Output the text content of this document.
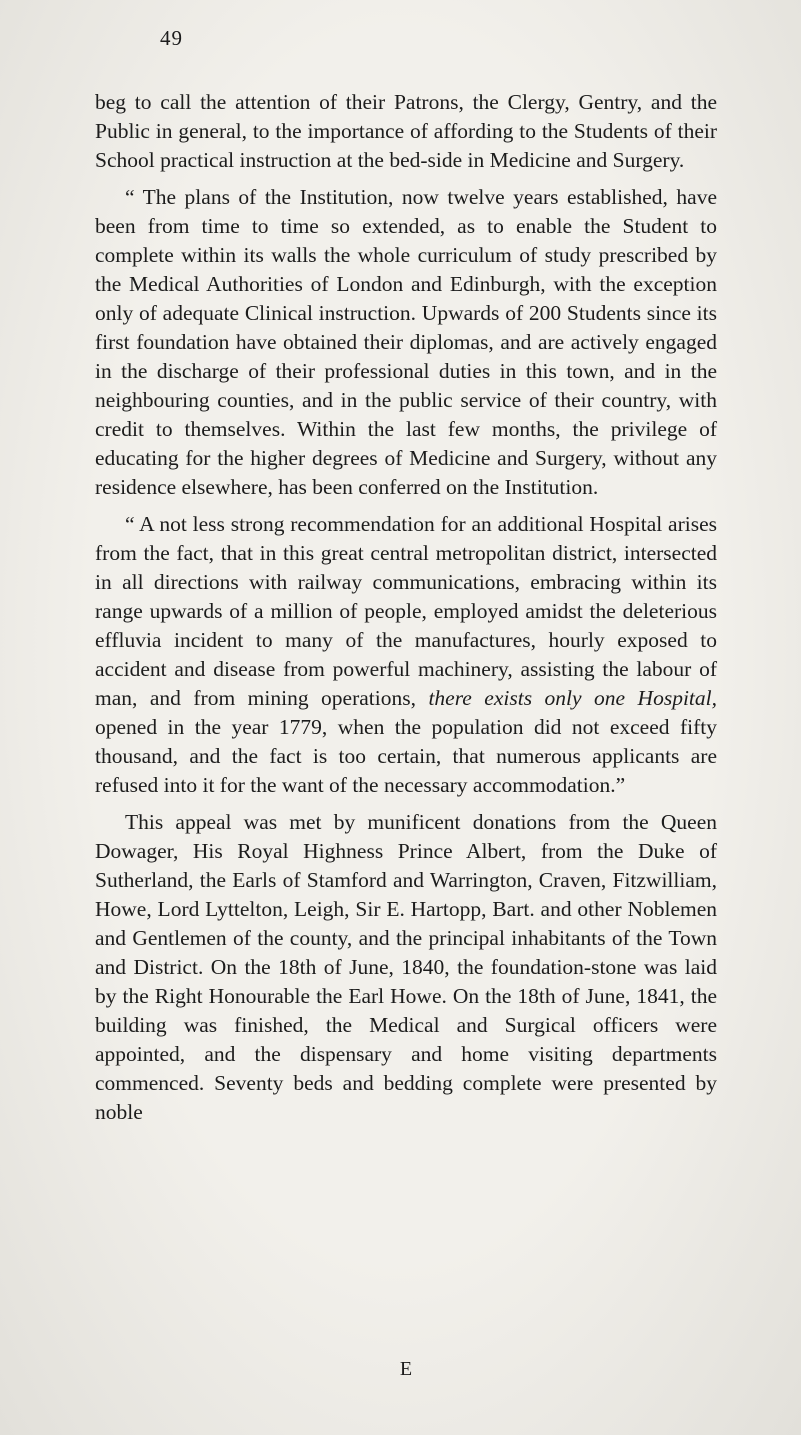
49

beg to call the attention of their Patrons, the Clergy, Gentry, and the Public in general, to the importance of affording to the Students of their School practical instruction at the bed-side in Medicine and Surgery.

“ The plans of the Institution, now twelve years established, have been from time to time so extended, as to enable the Student to complete within its walls the whole curriculum of study prescribed by the Medical Authorities of London and Edinburgh, with the exception only of adequate Clinical instruction. Upwards of 200 Students since its first foundation have obtained their diplomas, and are actively engaged in the discharge of their professional duties in this town, and in the neighbouring counties, and in the public service of their country, with credit to themselves. Within the last few months, the privilege of educating for the higher degrees of Medicine and Surgery, without any residence elsewhere, has been conferred on the Institution.

“ A not less strong recommendation for an additional Hospital arises from the fact, that in this great central metropolitan district, intersected in all directions with railway communications, embracing within its range upwards of a million of people, employed amidst the deleterious effluvia incident to many of the manufactures, hourly exposed to accident and disease from powerful machinery, assisting the labour of man, and from mining operations, there exists only one Hospital, opened in the year 1779, when the population did not exceed fifty thousand, and the fact is too certain, that numerous applicants are refused into it for the want of the necessary accommodation.”

This appeal was met by munificent donations from the Queen Dowager, His Royal Highness Prince Albert, from the Duke of Sutherland, the Earls of Stamford and Warrington, Craven, Fitzwilliam, Howe, Lord Lyttelton, Leigh, Sir E. Hartopp, Bart. and other Noblemen and Gentlemen of the county, and the principal inhabitants of the Town and District. On the 18th of June, 1840, the foundation-stone was laid by the Right Honourable the Earl Howe. On the 18th of June, 1841, the building was finished, the Medical and Surgical officers were appointed, and the dispensary and home visiting departments commenced. Seventy beds and bedding complete were presented by noble

E
